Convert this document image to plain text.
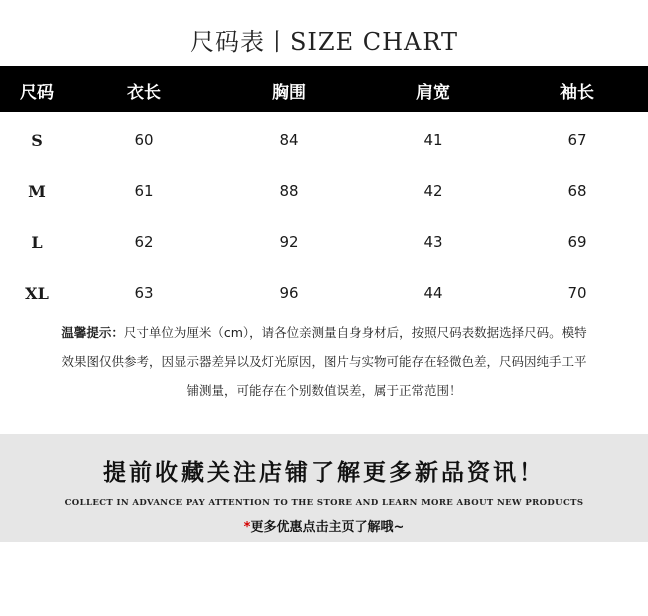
尺码表丨SIZE CHART
尺码	衣长	胸围	肩宽	袖长
S	60	84	41	67
M	61	88	42	68
L	62	92	43	69
XL	63	96	44	70
温馨提示：尺寸单位为厘米（cm），请各位亲测量自身身材后，按照尺码表数据选择尺码。模特效果图仅供参考，因显示器差异以及灯光原因，图片与实物可能存在轻微色差，尺码因纯手工平铺测量，可能存在个别数值误差，属于正常范围！
提前收藏关注店铺了解更多新品资讯！
COLLECT IN ADVANCE PAY ATTENTION TO THE STORE AND LEARN MORE ABOUT NEW PRODUCTS
*更多优惠点击主页了解哦~
